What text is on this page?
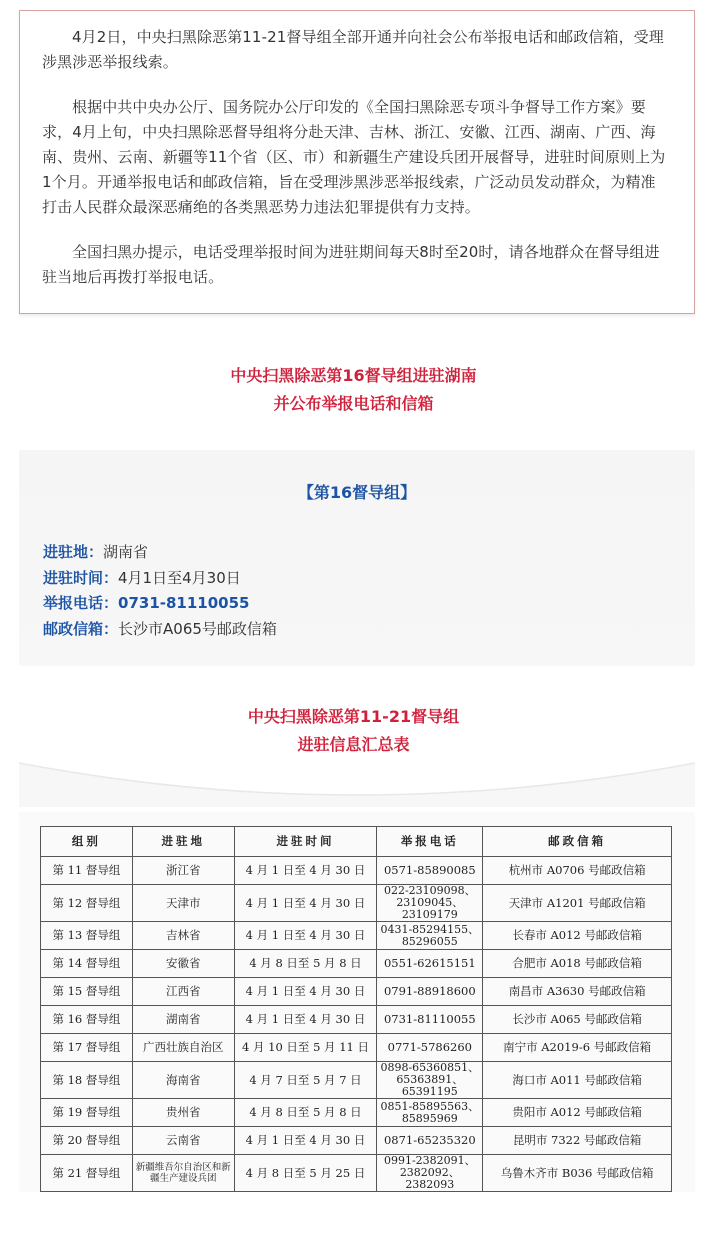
4月2日，中央扫黑除恶第11-21督导组全部开通并向社会公布举报电话和邮政信箱，受理涉黑涉恶举报线索。

根据中共中央办公厅、国务院办公厅印发的《全国扫黑除恶专项斗争督导工作方案》要求，4月上旬，中央扫黑除恶督导组将分赴天津、吉林、浙江、安徽、江西、湖南、广西、海南、贵州、云南、新疆等11个省（区、市）和新疆生产建设兵团开展督导，进驻时间原则上为1个月。开通举报电话和邮政信箱，旨在受理涉黑涉恶举报线索，广泛动员发动群众，为精准打击人民群众最深恶痛绝的各类黑恶势力违法犯罪提供有力支持。

全国扫黑办提示，电话受理举报时间为进驻期间每天8时至20时，请各地群众在督导组进驻当地后再拨打举报电话。

中央扫黑除恶第16督导组进驻湖南
并公布举报电话和信箱
【第16督导组】
进驻地：湖南省
进驻时间：4月1日至4月30日
举报电话：0731-81110055
邮政信箱：长沙市A065号邮政信箱
中央扫黑除恶第11-21督导组
进驻信息汇总表
组别	进驻地	进驻时间	举报电话	邮政信箱
第 11 督导组	浙江省	4 月 1 日至 4 月 30 日	0571-85890085	杭州市 A0706 号邮政信箱
第 12 督导组	天津市	4 月 1 日至 4 月 30 日	022-23109098、23109045、23109179	天津市 A1201 号邮政信箱
第 13 督导组	吉林省	4 月 1 日至 4 月 30 日	0431-85294155、85296055	长春市 A012 号邮政信箱
第 14 督导组	安徽省	4 月 8 日至 5 月 8 日	0551-62615151	合肥市 A018 号邮政信箱
第 15 督导组	江西省	4 月 1 日至 4 月 30 日	0791-88918600	南昌市 A3630 号邮政信箱
第 16 督导组	湖南省	4 月 1 日至 4 月 30 日	0731-81110055	长沙市 A065 号邮政信箱
第 17 督导组	广西壮族自治区	4 月 10 日至 5 月 11 日	0771-5786260	南宁市 A2019-6 号邮政信箱
第 18 督导组	海南省	4 月 7 日至 5 月 7 日	0898-65360851、65363891、65391195	海口市 A011 号邮政信箱
第 19 督导组	贵州省	4 月 8 日至 5 月 8 日	0851-85895563、85895969	贵阳市 A012 号邮政信箱
第 20 督导组	云南省	4 月 1 日至 4 月 30 日	0871-65235320	昆明市 7322 号邮政信箱
第 21 督导组	新疆维吾尔自治区和新疆生产建设兵团	4 月 8 日至 5 月 25 日	0991-2382091、2382092、2382093	乌鲁木齐市 B036 号邮政信箱
